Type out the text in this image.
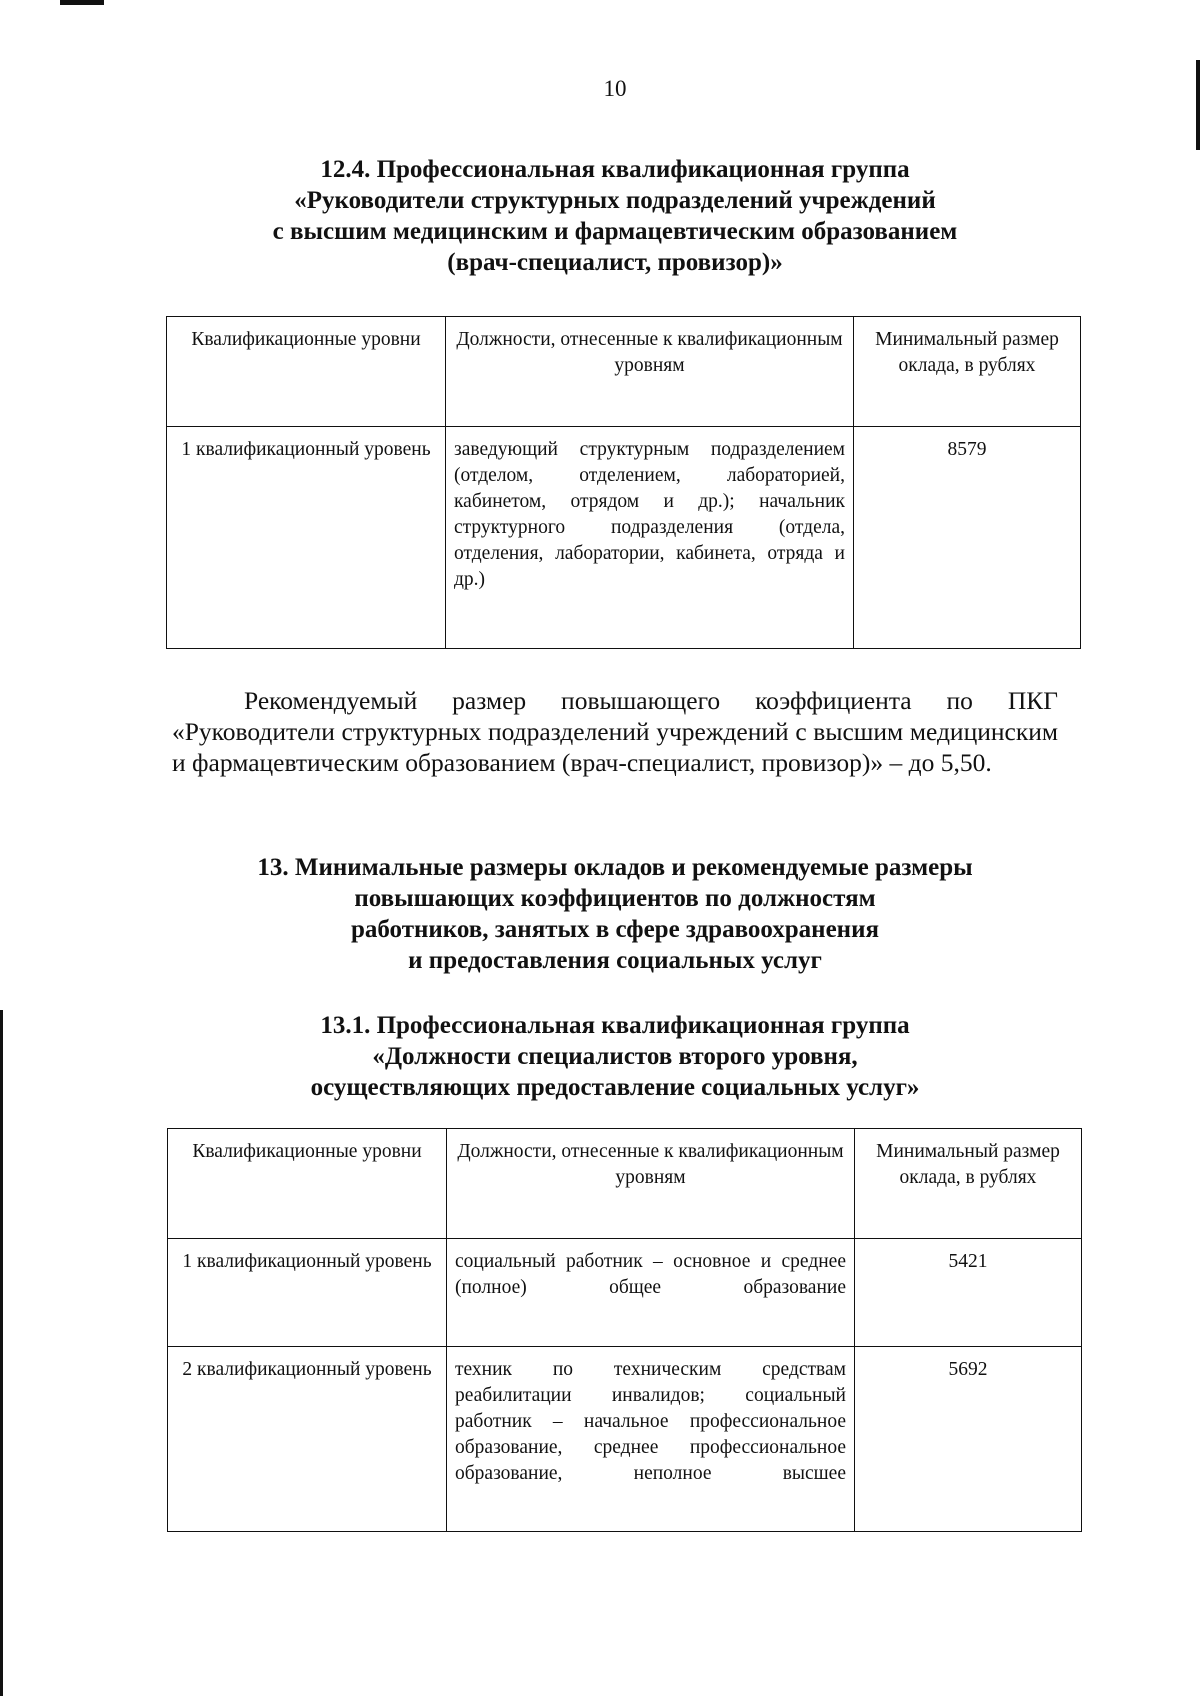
10
12.4. Профессиональная квалификационная группа
«Руководители структурных подразделений учреждений
с высшим медицинским и фармацевтическим образованием
(врач-специалист, провизор)»
Квалификационные уровни	Должности, отнесенные к квалификационным уровням	Минимальный размер оклада, в рублях
1 квалификационный уровень	заведующий структурным подразделением (отделом, отделением, лабораторией, кабинетом, отрядом и др.); начальник структурного подразделения (отдела, отделения, лаборатории, кабинета, отряда и др.)	8579
Рекомендуемый размер повышающего коэффициента по ПКГ «Руководители структурных подразделений учреждений с высшим медицинским и фармацевтическим образованием (врач-специалист, провизор)» – до 5,50.
13. Минимальные размеры окладов и рекомендуемые размеры
повышающих коэффициентов по должностям
работников, занятых в сфере здравоохранения
и предоставления социальных услуг
13.1. Профессиональная квалификационная группа
«Должности специалистов второго уровня,
осуществляющих предоставление социальных услуг»
Квалификационные уровни	Должности, отнесенные к квалификационным уровням	Минимальный размер оклада, в рублях
1 квалификационный уровень	социальный работник – основное и среднее (полное) общее образование	5421
2 квалификационный уровень	техник по техническим средствам реабилитации инвалидов; социальный работник – начальное профессиональное образование, среднее профессиональное образование, неполное высшее	5692
